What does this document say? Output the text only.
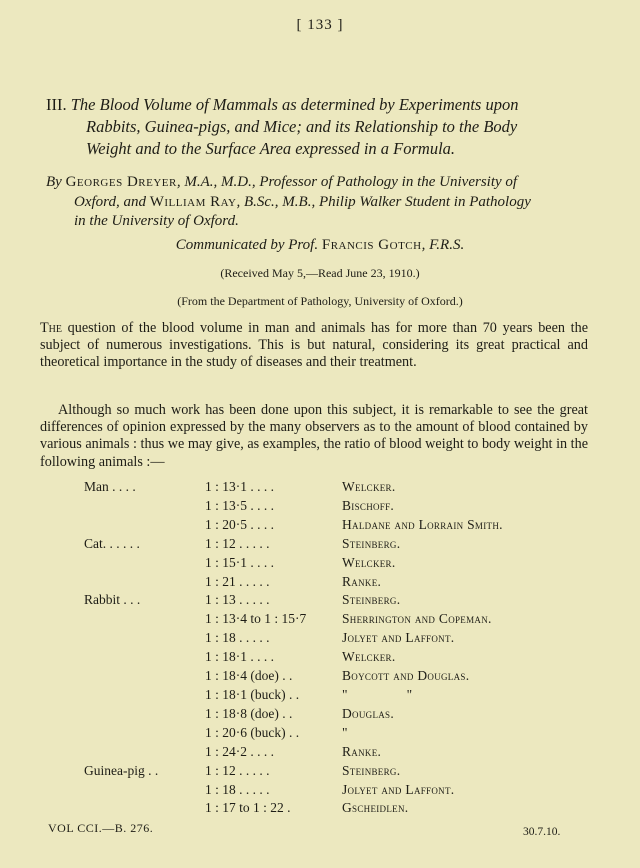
[ 133 ]
III. The Blood Volume of Mammals as determined by Experiments upon
Rabbits, Guinea-pigs, and Mice; and its Relationship to the Body
Weight and to the Surface Area expressed in a Formula.
By Georges Dreyer, M.A., M.D., Professor of Pathology in the University of
Oxford, and William Ray, B.Sc., M.B., Philip Walker Student in Pathology
in the University of Oxford.
Communicated by Prof. Francis Gotch, F.R.S.
(Received May 5,—Read June 23, 1910.)
(From the Department of Pathology, University of Oxford.)
The question of the blood volume in man and animals has for more than 70 years been the subject of numerous investigations. This is but natural, considering its great practical and theoretical importance in the study of diseases and their treatment.
Although so much work has been done upon this subject, it is remarkable to see the great differences of opinion expressed by the many observers as to the amount of blood contained by various animals : thus we may give, as examples, the ratio of blood weight to body weight in the following animals :—
Man . . . .	1 : 13·1 . . . .	Welcker.
	1 : 13·5 . . . .	Bischoff.
	1 : 20·5 . . . .	Haldane and Lorrain Smith.
Cat. . . . . .	1 : 12 . . . . .	Steinberg.
	1 : 15·1 . . . .	Welcker.
	1 : 21 . . . . .	Ranke.
Rabbit . . .	1 : 13 . . . . .	Steinberg.
	1 : 13·4 to 1 : 15·7	Sherrington and Copeman.
	1 : 18 . . . . .	Jolyet and Laffont.
	1 : 18·1 . . . .	Welcker.
	1 : 18·4 (doe) . .	Boycott and Douglas.
	1 : 18·1 (buck) . .	"                "
	1 : 18·8 (doe) . .	Douglas.
	1 : 20·6 (buck) . .	"
	1 : 24·2 . . . .	Ranke.
Guinea-pig . .	1 : 12 . . . . .	Steinberg.
	1 : 18 . . . . .	Jolyet and Laffont.
	1 : 17 to 1 : 22 .	Gscheidlen.
VOL CCI.—B. 276.	30.7.10.
